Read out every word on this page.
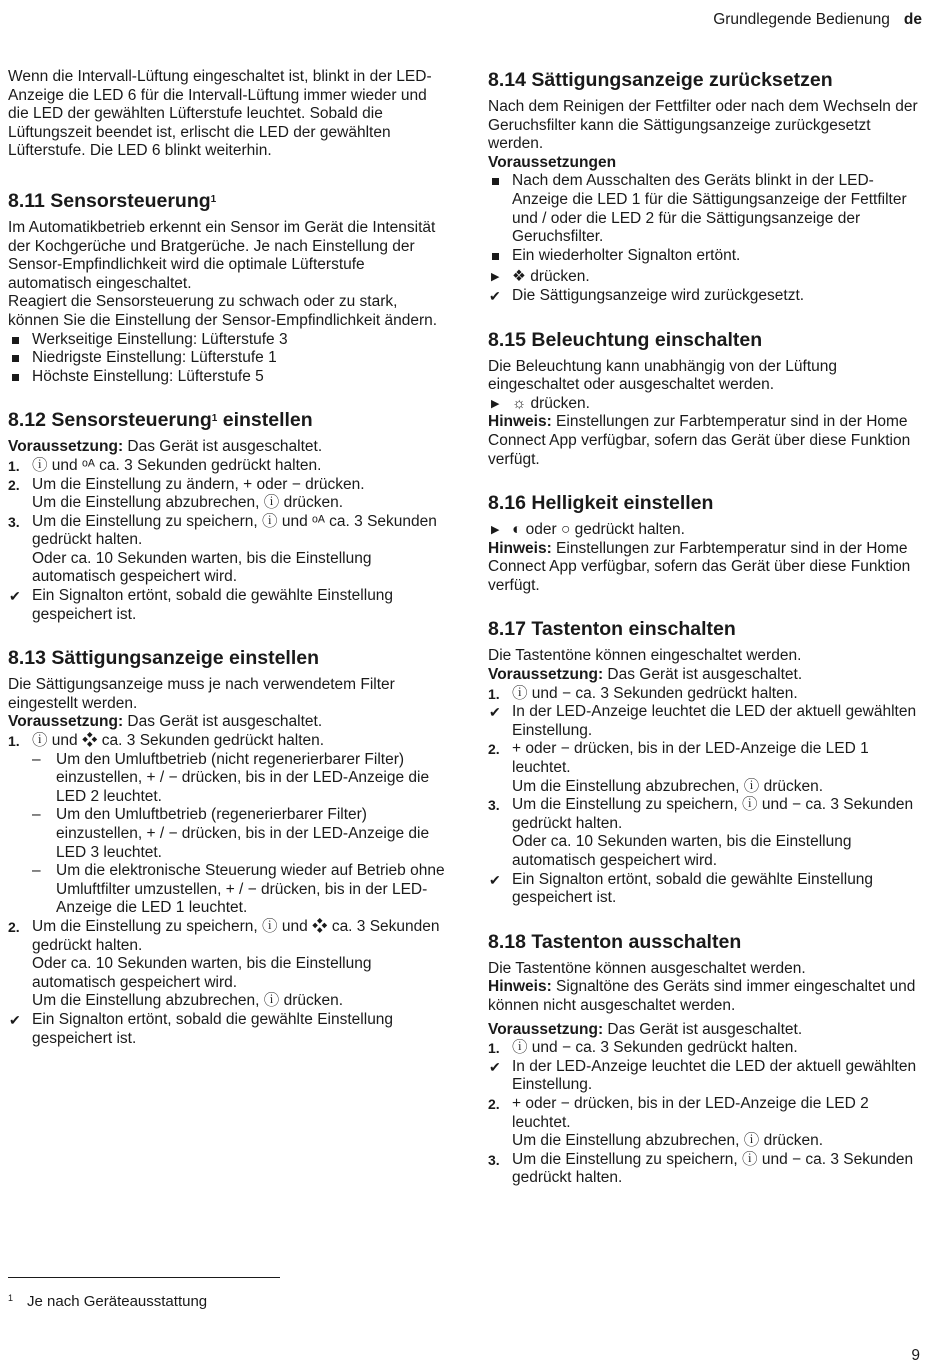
Grundlegende Bedienung de

Wenn die Intervall-Lüftung eingeschaltet ist, blinkt in der LED-Anzeige die LED 6 für die Intervall-Lüftung immer wieder und die LED der gewählten Lüfterstufe leuchtet. Sobald die Lüftungszeit beendet ist, erlischt die LED der gewählten Lüfterstufe. Die LED 6 blinkt weiterhin.

8.11 Sensorsteuerung$^1$

Im Automatikbetrieb erkennt ein Sensor im Gerät die Intensität der Kochgerüche und Bratgerüche. Je nach Einstellung der Sensor-Empfindlichkeit wird die optimale Lüfterstufe automatisch eingeschaltet.

Reagiert die Sensorsteuerung zu schwach oder zu stark, können Sie die Einstellung der Sensor-Empfindlichkeit ändern.

Werkseitige Einstellung: Lüfterstufe 3
Niedrigste Einstellung: Lüfterstufe 1
Höchste Einstellung: Lüfterstufe 5
8.12 Sensorsteuerung$^1$ einstellen

Voraussetzung: Das Gerät ist ausgeschaltet.

1. ⓘ und ᵒᴬ ca. 3 Sekunden gedrückt halten.
2. Um die Einstellung zu ändern, + oder − drücken.
Um die Einstellung abzubrechen, ⓘ drücken.
3. Um die Einstellung zu speichern, ⓘ und ᵒᴬ ca. 3 Sekunden gedrückt halten.
Oder ca. 10 Sekunden warten, bis die Einstellung automatisch gespeichert wird.
✔ Ein Signalton ertönt, sobald die gewählte Einstellung gespeichert ist.
8.13 Sättigungsanzeige einstellen

Die Sättigungsanzeige muss je nach verwendetem Filter eingestellt werden.

Voraussetzung: Das Gerät ist ausgeschaltet.

1. ⓘ und ❖ ca. 3 Sekunden gedrückt halten.
– Um den Umluftbetrieb (nicht regenerierbarer Filter) einzustellen, + / − drücken, bis in der LED-Anzeige die LED 2 leuchtet.
– Um den Umluftbetrieb (regenerierbarer Filter) einzustellen, + / − drücken, bis in der LED-Anzeige die LED 3 leuchtet.
– Um die elektronische Steuerung wieder auf Betrieb ohne Umluftfilter umzustellen, + / − drücken, bis in der LED-Anzeige die LED 1 leuchtet.
2. Um die Einstellung zu speichern, ⓘ und ❖ ca. 3 Sekunden gedrückt halten.
Oder ca. 10 Sekunden warten, bis die Einstellung automatisch gespeichert wird.
Um die Einstellung abzubrechen, ⓘ drücken.
✔ Ein Signalton ertönt, sobald die gewählte Einstellung gespeichert ist.
8.14 Sättigungsanzeige zurücksetzen

Nach dem Reinigen der Fettfilter oder nach dem Wechseln der Geruchsfilter kann die Sättigungsanzeige zurückgesetzt werden.

Voraussetzungen

Nach dem Ausschalten des Geräts blinkt in der LED-Anzeige die LED 1 für die Sättigungsanzeige der Fettfilter und / oder die LED 2 für die Sättigungsanzeige der Geruchsfilter.
Ein wiederholter Signalton ertönt.
▶ ❖ drücken.
✔ Die Sättigungsanzeige wird zurückgesetzt.
8.15 Beleuchtung einschalten

Die Beleuchtung kann unabhängig von der Lüftung eingeschaltet oder ausgeschaltet werden.

▶ ☼ drücken.

Hinweis: Einstellungen zur Farbtemperatur sind in der Home Connect App verfügbar, sofern das Gerät über diese Funktion verfügt.

8.16 Helligkeit einstellen
▶ ◐ oder ○ gedrückt halten.

Hinweis: Einstellungen zur Farbtemperatur sind in der Home Connect App verfügbar, sofern das Gerät über diese Funktion verfügt.

8.17 Tastenton einschalten

Die Tastentöne können eingeschaltet werden.

Voraussetzung: Das Gerät ist ausgeschaltet.

1. ⓘ und − ca. 3 Sekunden gedrückt halten.
✔ In der LED-Anzeige leuchtet die LED der aktuell gewählten Einstellung.
2. + oder − drücken, bis in der LED-Anzeige die LED 1 leuchtet.
Um die Einstellung abzubrechen, ⓘ drücken.
3. Um die Einstellung zu speichern, ⓘ und − ca. 3 Sekunden gedrückt halten.
Oder ca. 10 Sekunden warten, bis die Einstellung automatisch gespeichert wird.
✔ Ein Signalton ertönt, sobald die gewählte Einstellung gespeichert ist.
8.18 Tastenton ausschalten

Die Tastentöne können ausgeschaltet werden.

Hinweis: Signaltöne des Geräts sind immer eingeschaltet und können nicht ausgeschaltet werden.

Voraussetzung: Das Gerät ist ausgeschaltet.

1. ⓘ und − ca. 3 Sekunden gedrückt halten.
✔ In der LED-Anzeige leuchtet die LED der aktuell gewählten Einstellung.
2. + oder − drücken, bis in der LED-Anzeige die LED 2 leuchtet.
Um die Einstellung abzubrechen, ⓘ drücken.
3. Um die Einstellung zu speichern, ⓘ und − ca. 3 Sekunden gedrückt halten.
$^1$ Je nach Geräteausstattung
9
